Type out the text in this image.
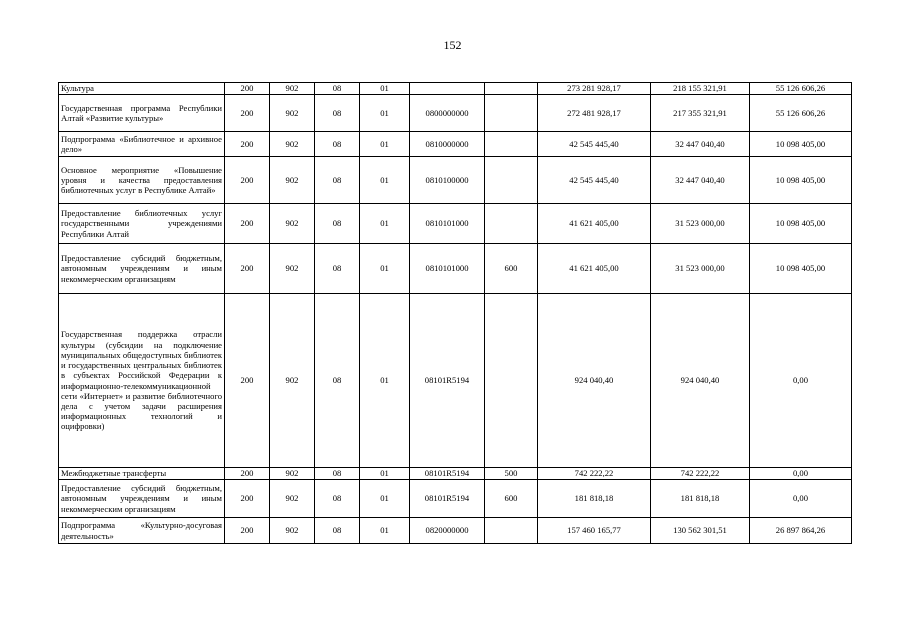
152
Культура	200	902	08	01			273 281 928,17	218 155 321,91	55 126 606,26
Государственная программа Республики Алтай «Развитие культуры»	200	902	08	01	0800000000		272 481 928,17	217 355 321,91	55 126 606,26
Подпрограмма «Библиотечное и архивное дело»	200	902	08	01	0810000000		42 545 445,40	32 447 040,40	10 098 405,00
Основное мероприятие «Повышение уровня и качества предоставления библиотечных услуг в Республике Алтай»	200	902	08	01	0810100000		42 545 445,40	32 447 040,40	10 098 405,00
Предоставление библиотечных услуг государственными учреждениями Республики Алтай	200	902	08	01	0810101000		41 621 405,00	31 523 000,00	10 098 405,00
Предоставление субсидий бюджетным, автономным учреждениям и иным некоммерческим организациям	200	902	08	01	0810101000	600	41 621 405,00	31 523 000,00	10 098 405,00
Государственная поддержка отрасли культуры (субсидии на подключение муниципальных общедоступных библиотек и государственных центральных библиотек в субъектах Российской Федерации к информационно-телекоммуникационной сети «Интернет» и развитие библиотечного дела с учетом задачи расширения информационных технологий и оцифровки)	200	902	08	01	08101R5194		924 040,40	924 040,40	0,00
Межбюджетные трансферты	200	902	08	01	08101R5194	500	742 222,22	742 222,22	0,00
Предоставление субсидий бюджетным, автономным учреждениям и иным некоммерческим организациям	200	902	08	01	08101R5194	600	181 818,18	181 818,18	0,00
Подпрограмма «Культурно-досуговая деятельность»	200	902	08	01	0820000000		157 460 165,77	130 562 301,51	26 897 864,26
